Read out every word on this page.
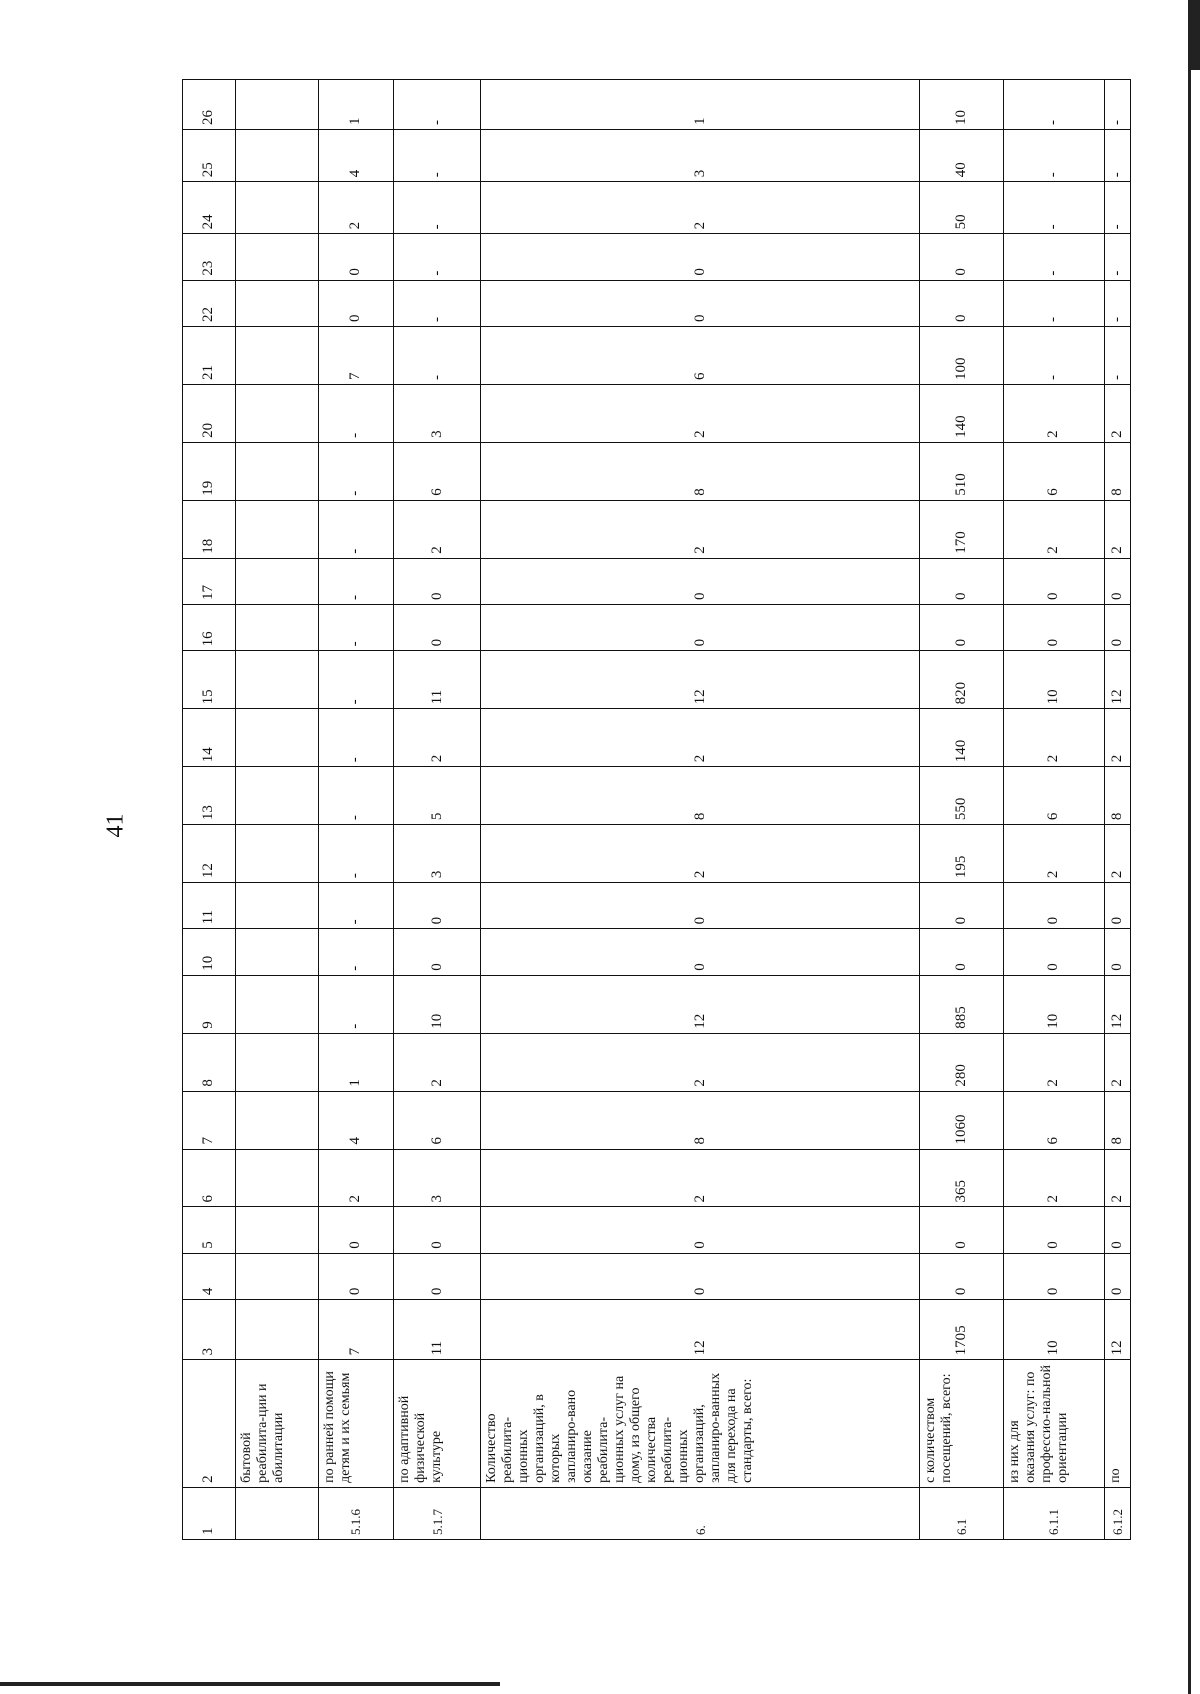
41
1	2	3	4	5	6	7	8	9	10	11	12	13	14	15	16	17	18	19	20	21	22	23	24	25	26
	бытовой реабилита-ции и абилитации																								
5.1.6	по ранней помощи детям и их семьям	7	0	0	2	4	1	-	-	-	-	-	-	-	-	-	-	-	-	7	0	0	2	4	1
5.1.7	по адаптивной физической культуре	11	0	0	3	6	2	10	0	0	3	5	2	11	0	0	2	6	3	-	-	-	-	-	-
6.	Количество реабилита-ционных организаций, в которых запланиро-вано оказание реабилита-ционных услуг на дому, из общего количества реабилита-ционных организаций, запланиро-ванных для перехода на стандарты, всего:	12	0	0	2	8	2	12	0	0	2	8	2	12	0	0	2	8	2	6	0	0	2	3	1
6.1	с количеством посещений, всего:	1705	0	0	365	1060	280	885	0	0	195	550	140	820	0	0	170	510	140	100	0	0	50	40	10
6.1.1	из них для оказания услуг: по профессио-нальной ориентации	10	0	0	2	6	2	10	0	0	2	6	2	10	0	0	2	6	2	-	-	-	-	-	-
6.1.2	по	12	0	0	2	8	2	12	0	0	2	8	2	12	0	0	2	8	2	-	-	-	-	-	-
